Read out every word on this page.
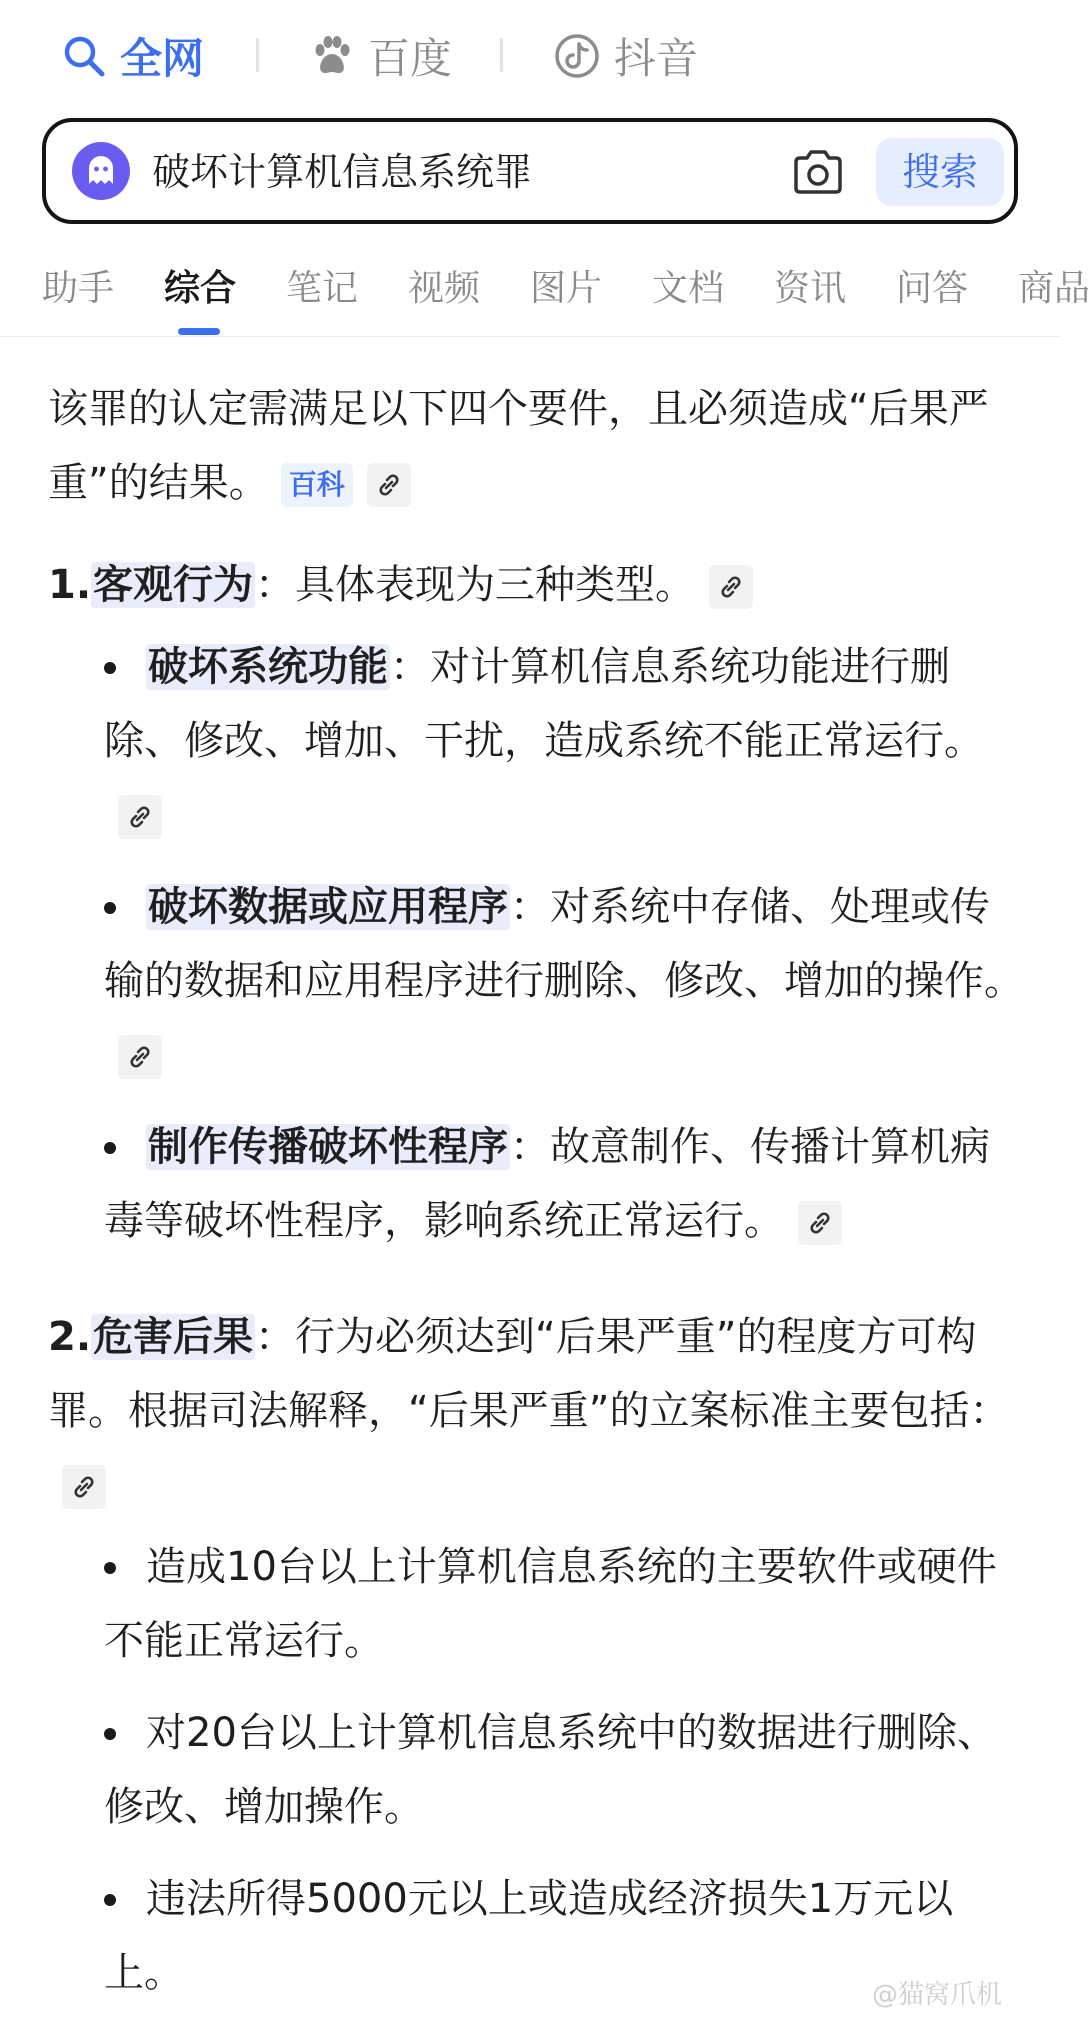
全网	百度	抖音
破坏计算机信息系统罪	搜索
助手 综合 笔记 视频 图片 文档 资讯 问答 商品

该罪的认定需满足以下四个要件，且必须造成“后果严重”的结果。 百科

1.客观行为：具体表现为三种类型。

破坏系统功能：对计算机信息系统功能进行删除、修改、增加、干扰，造成系统不能正常运行。
破坏数据或应用程序：对系统中存储、处理或传输的数据和应用程序进行删除、修改、增加的操作。
制作传播破坏性程序：故意制作、传播计算机病毒等破坏性程序，影响系统正常运行。

2.危害后果：行为必须达到“后果严重”的程度方可构罪。根据司法解释，“后果严重”的立案标准主要包括：

造成10台以上计算机信息系统的主要软件或硬件不能正常运行。
对20台以上计算机信息系统中的数据进行删除、修改、增加操作。
违法所得5000元以上或造成经济损失1万元以上。	@猫窝爪机
